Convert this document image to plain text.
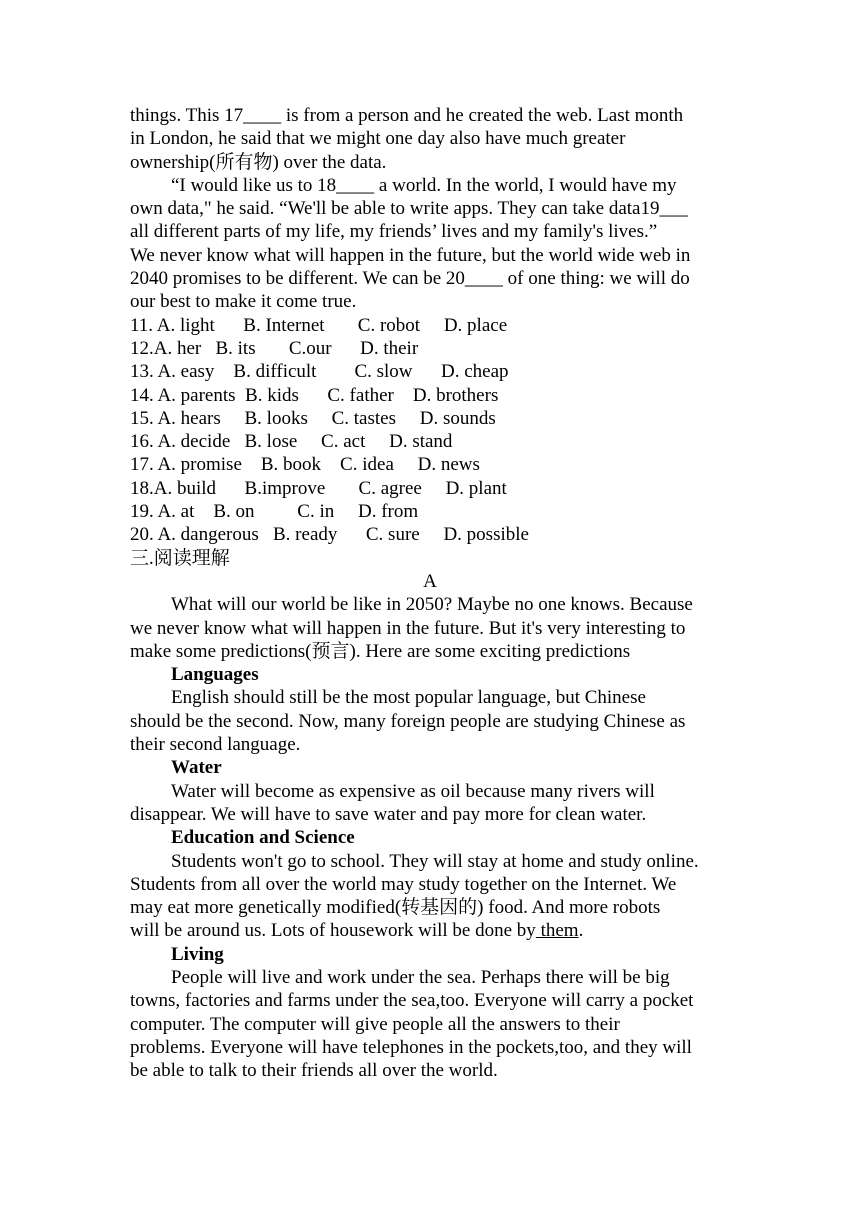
things. This 17____ is from a person and he created the web. Last month
in London, he said that we might one day also have much greater
ownership(所有物) over the data.
“I would like us to 18____ a world. In the world, I would have my
own data," he said. “We'll be able to write apps. They can take data19___
all different parts of my life, my friends’ lives and my family's lives.”
We never know what will happen in the future, but the world wide web in
2040 promises to be different. We can be 20____ of one thing: we will do
our best to make it come true.
11. A. light      B. Internet       C. robot     D. place
12.A. her   B. its       C.our      D. their
13. A. easy    B. difficult        C. slow      D. cheap
14. A. parents  B. kids      C. father    D. brothers
15. A. hears     B. looks     C. tastes     D. sounds
16. A. decide   B. lose     C. act     D. stand
17. A. promise    B. book    C. idea     D. news
18.A. build      B.improve       C. agree     D. plant
19. A. at    B. on         C. in     D. from
20. A. dangerous   B. ready      C. sure     D. possible
三.阅读理解
A
What will our world be like in 2050? Maybe no one knows. Because
we never know what will happen in the future. But it's very interesting to
make some predictions(预言). Here are some exciting predictions
Languages
English should still be the most popular language, but Chinese
should be the second. Now, many foreign people are studying Chinese as
their second language.
Water
Water will become as expensive as oil because many rivers will
disappear. We will have to save water and pay more for clean water.
Education and Science
Students won't go to school. They will stay at home and study online.
Students from all over the world may study together on the Internet. We
may eat more genetically modified(转基因的) food. And more robots
will be around us. Lots of housework will be done by them.
Living
People will live and work under the sea. Perhaps there will be big
towns, factories and farms under the sea,too. Everyone will carry a pocket
computer. The computer will give people all the answers to their
problems. Everyone will have telephones in the pockets,too, and they will
be able to talk to their friends all over the world.
